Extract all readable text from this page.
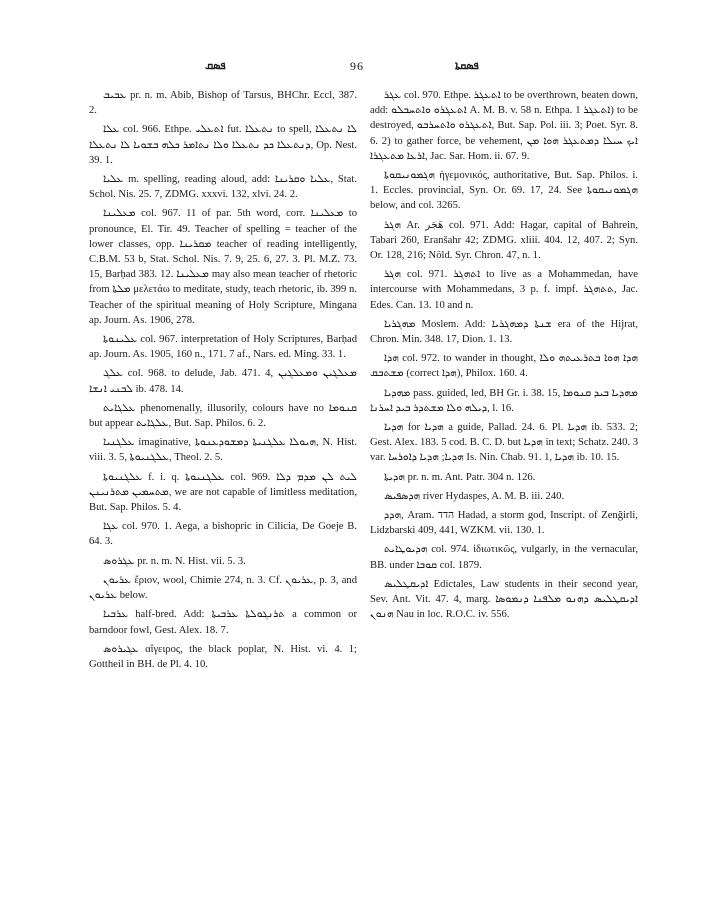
ܦܣܩ	96	ܦܣܩܬܐ

ܥܒܝܒ pr. n. m. Abib, Bishop of Tarsus, BHChr. Eccl, 387. 2.

ܥܠܐ col. 966. Ethpe. ܐܬܥܠܝ fut. ܢܬܥܠܐ to spell, ܠܐ ܢܬܥܠܐ ܕܢܬܥܠܐ ܟܕ ܢܬܥܠܐ ܘܠܐ ܢܬܐܡܪ ܟܠܗ ܒܫܘܝܐ ܠܐ ܢܬܥܠܐ, Op. Nest. 39. 1.

ܥܠܝܐ m. spelling, reading aloud, add: ܥܠܝܐ ܘܩܪܝܢܐ, Stat. Schol. Nis. 25. 7, ZDMG. xxxvi. 132, xlvi. 24. 2.

ܡܥܠܝܢܐ col. 967. 11 of par. 5th word, corr. ܡܥܠܝܢܐ to pronounce, El. Tir. 49. Teacher of spelling = teacher of the lower classes, opp. ܡܩܪܝܢܐ teacher of reading intelligently, C.B.M. 53 b, Stat. Schol. Nis. 7. 9, 25. 6, 27. 3. Pl. M.Z. 73. 15, Barḥad 383. 12. ܡܥܠܝܢܐ may also mean teacher of rhetoric from ܡܠܬܐ μελετάω to meditate, study, teach rhetoric, ib. 399 n. Teacher of the spiritual meaning of Holy Scripture, Mingana ap. Journ. As. 1906, 278.

ܥܠܝܢܘܬܐ col. 967. interpretation of Holy Scriptures, Barḥad ap. Journ. As. 1905, 160 n., 171. 7 af., Nars. ed. Ming. 33. 1.

ܥܠܓ col. 968. to delude, Jab. 471. 4, ܡܥܠܓܝܢ ܘܡܥܠܓܝܢ ܠܒܢܝ ܐܢܫܐ ib. 478. 14.

ܥܠܓܐܝܬ phenomenally, illusorily, colours have no ܩܢܘܡܐ but appear ܥܠܓܐܝܬ, But. Sap. Philos. 6. 2.

ܥܠܓܢܝܐ imaginative, ܗܝܘܠܐ ܥܠܓܢܝܬܐ ܕܡܫܘܕܥܢܘܬܐ, N. Hist. viii. 3. 5, ܥܠܓܢܝܘܬܐ, Theol. 2. 5.

ܥܠܓܢܝܘܬܐ f. i. q. ܥܠܓܢܝܘܬܐ col. 969. ܠܝܬ ܠܢ ܡܕܡ ܕܠܐ ܡܬܚܡܝܢ ܡܬܪܢܝܢܢ, we are not capable of limitless meditation, But. Sap. Philos. 5. 4.

ܥܓܐ col. 970. 1. Aega, a bishopric in Cilicia, De Goeje B. 64. 3.

ܥܓܪܘܣ pr. n. m. N. Hist. vii. 5. 3.

ܥܪܝܘܢ ἔριον, wool, Chimie 274, n. 3. Cf. ܥܪܝܘܢ, p. 3, and ܥܪܝܘܢ below.

ܥܪܒܝܐ half-bred. Add: ܬܪܢܓܘܠܬܐ ܥܪܒܝܬܐ a common or barndoor fowl, Gest. Alex. 18. 7.

ܥܓܝܪܘܣ αἴγειρος, the black poplar, N. Hist. vi. 4. 1; Gottheil in BH. de Pl. 4. 10.

ܥܓܪ col. 970. Ethpe. ܐܬܥܓܪ to be overthrown, beaten down, add: ܐܬܥܓܪܘ ܘܐܬܚܒܠܘ A. M. B. v. 58 n. Ethpa. ܐܬܥܓܪ 1) to be destroyed, ܐܬܥܓܪܘ ܘܐܬܚܪܒܘ, But. Sap. Pol. iii. 3; Poet. Syr. 8. 6. 2) to gather force, be vehement, ܐܝܟ ܚܝܠܐ ܕܡܬܥܓܪ ܗܘܐ ܡܢ ܐܪܥܐ ܡܬܥܓܪܐ, Jac. Sar. Hom. ii. 67. 9.

ܗܓܡܘܢܝܩܘܬܐ ἡγεμονικός, authoritative, But. Sap. Philos. i. 1. Eccles. provincial, Syn. Or. 69. 17, 24. See ܗܓܡܘܢܝܩܘܬܐ below, and col. 3265.

ܗܓܪ Ar. هَجَر col. 971. Add: Hagar, capital of Bahrein, Tabari 260, Eranšahr 42; ZDMG. xliii. 404. 12, 407. 2; Syn. Or. 128, 216; Nöld. Syr. Chron. 47, n. 1.

ܗܓܪ col. 971. ܐܬܗܓܪ to live as a Mohammedan, have intercourse with Mohammedans, 3 p. f. impf. ܬܬܗܓܪ, Jac. Edes. Can. 13. 10 and n.

ܡܗܓܪܝܐ Moslem. Add: ܫܢܬܐ ܕܡܗܓܪܝܐ era of the Hijrat, Chron. Min. 348. 17, Dion. 1. 13.

ܗܕܐ col. 972. to wander in thought, ܗܕܐ ܗܘܐ ܒܬܪܥܝܬܗ ܘܠܐ ܡܫܬܒܩ (correct ܗܕܐ), Philox. 160. 4.

ܡܗܕܝܐ pass. guided, led, BH Gr. i. 38. 15, ܡܗܕܝܐ ܒܝܕ ܩܢܘܡܐ ܕܝܠܗ ܘܠܐ ܡܫܬܕܪ ܒܝܕ ܐܚܪܢܐ, l. 16.

ܗܕܝܐ for ܗܕܝܐ a guide, Pallad. 24. 6. Pl. ܗܕܝܐ ib. 533. 2; Gest. Alex. 183. 5 cod. B. C. D. but ܗܕܝܐ in text; Schatz. 240. 3 var. ܗܕܝܐ; ܗܕܝܐ ܕܐܘܪܚܐ Is. Nin. Chab. 91. 1, ܗܕܝܐ ib. 10. 15.

ܗܕܝܬܐ pr. n. m. Ant. Patr. 304 n. 126.

ܗܕܣܦܝܣ river Hydaspes, A. M. B. iii. 240.

ܗܕܕ, Aram. הדד Hadad, a storm god, Inscript. of Zenğirli, Lidzbarski 409, 441, WZKM. vii. 130. 1.

ܗܕܝܘܛܐܝܬ col. 974. ἰδιωτικῶς, vulgarly, in the vernacular, BB. under ܩܘܒܐ col. 1879.

ܐܕܝܩܛܠܝܣ Edictales, Law students in their second year, Sev. Ant. Vit. 47. 4, marg. ܐܕܝܩܛܠܝܣ ܕܗܢܘ ܡܠܦܢܐ ܕܢܡܘܣܐ ܗܢܘܢ Nau in loc. R.O.C. iv. 556.
